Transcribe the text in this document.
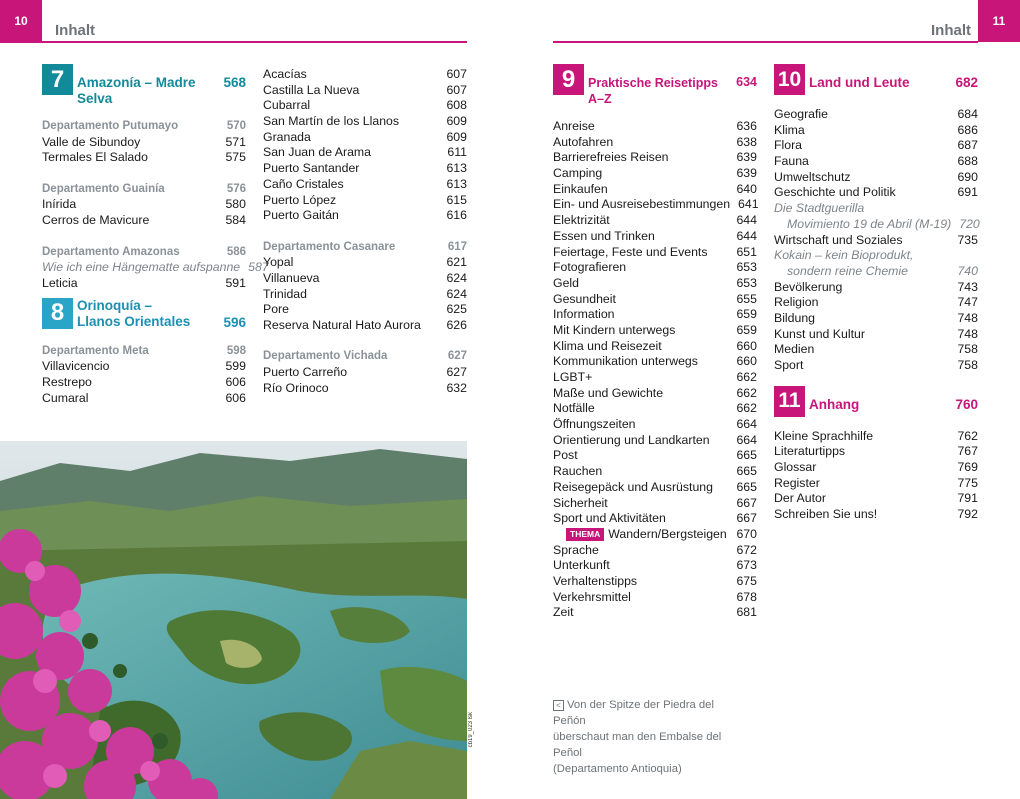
10
Inhalt	Inhalt
11
7 Amazonía – Madre Selva
568
Departamento Putumayo	570
Valle de Sibundoy	571
Termales El Salado	575
Departamento Guainía	576
Inírida	580
Cerros de Mavicure	584
Departamento Amazonas	586
Wie ich eine Hängematte aufspanne 587
Leticia	591
8 Orinoquía –
Llanos Orientales	596
Departamento Meta	598
Villavicencio	599
Restrepo	606
Cumaral	606
Acacías	607
Castilla La Nueva	607
Cubarral	608
San Martín de los Llanos	609
Granada	609
San Juan de Arama	611
Puerto Santander	613
Caño Cristales	613
Puerto López	615
Puerto Gaitán	616
Departamento Casanare	617
Yopal	621
Villanueva	624
Trinidad	624
Pore	625
Reserva Natural Hato Aurora	626
Departamento Vichada	627
Puerto Carreño	627
Río Orinoco	632
9	Praktische Reisetipps A–Z
634
Anreise	636
Autofahren	638
Barrierefreies Reisen	639
Camping	639
Einkaufen	640
Ein- und Ausreisebestimmungen 641
Elektrizität	644
Essen und Trinken	644
Feiertage, Feste und Events	651
Fotografieren	653
Geld	653
Gesundheit	655
Information	659
Mit Kindern unterwegs	659
Klima und Reisezeit	660
Kommunikation unterwegs	660
LGBT+	662
Maße und Gewichte	662
Notfälle	662
Öffnungszeiten	664
Orientierung und Landkarten	664
Post	665
Rauchen	665
Reisegepäck und Ausrüstung	665
Sicherheit	667
Sport und Aktivitäten	667
THEMA Wandern/Bergsteigen 670
Sprache	672
Unterkunft	673
Verhaltenstipps	675
Verkehrsmittel	678
Zeit	681
10 Land und Leute	682
Geografie	684
Klima	686
Flora	687
Fauna	688
Umweltschutz	690
Geschichte und Politik	691
Die Stadtguerilla
Movimiento 19 de Abril (M-19) 720
Wirtschaft und Soziales	735
Kokain – kein Bioprodukt,
sondern reine Chemie	740
Bevölkerung	743
Religion	747
Bildung	748
Kunst und Kultur	748
Medien	758
Sport	758
11 Anhang	760
Kleine Sprachhilfe	762
Literaturtipps	767
Glossar	769
Register	775
Der Autor	791
Schreiben Sie uns!	792
cb19_023 lsk
< Von der Spitze der Piedra del Peñón
überschaut man den Embalse del Peñol
(Departamento Antioquia)
